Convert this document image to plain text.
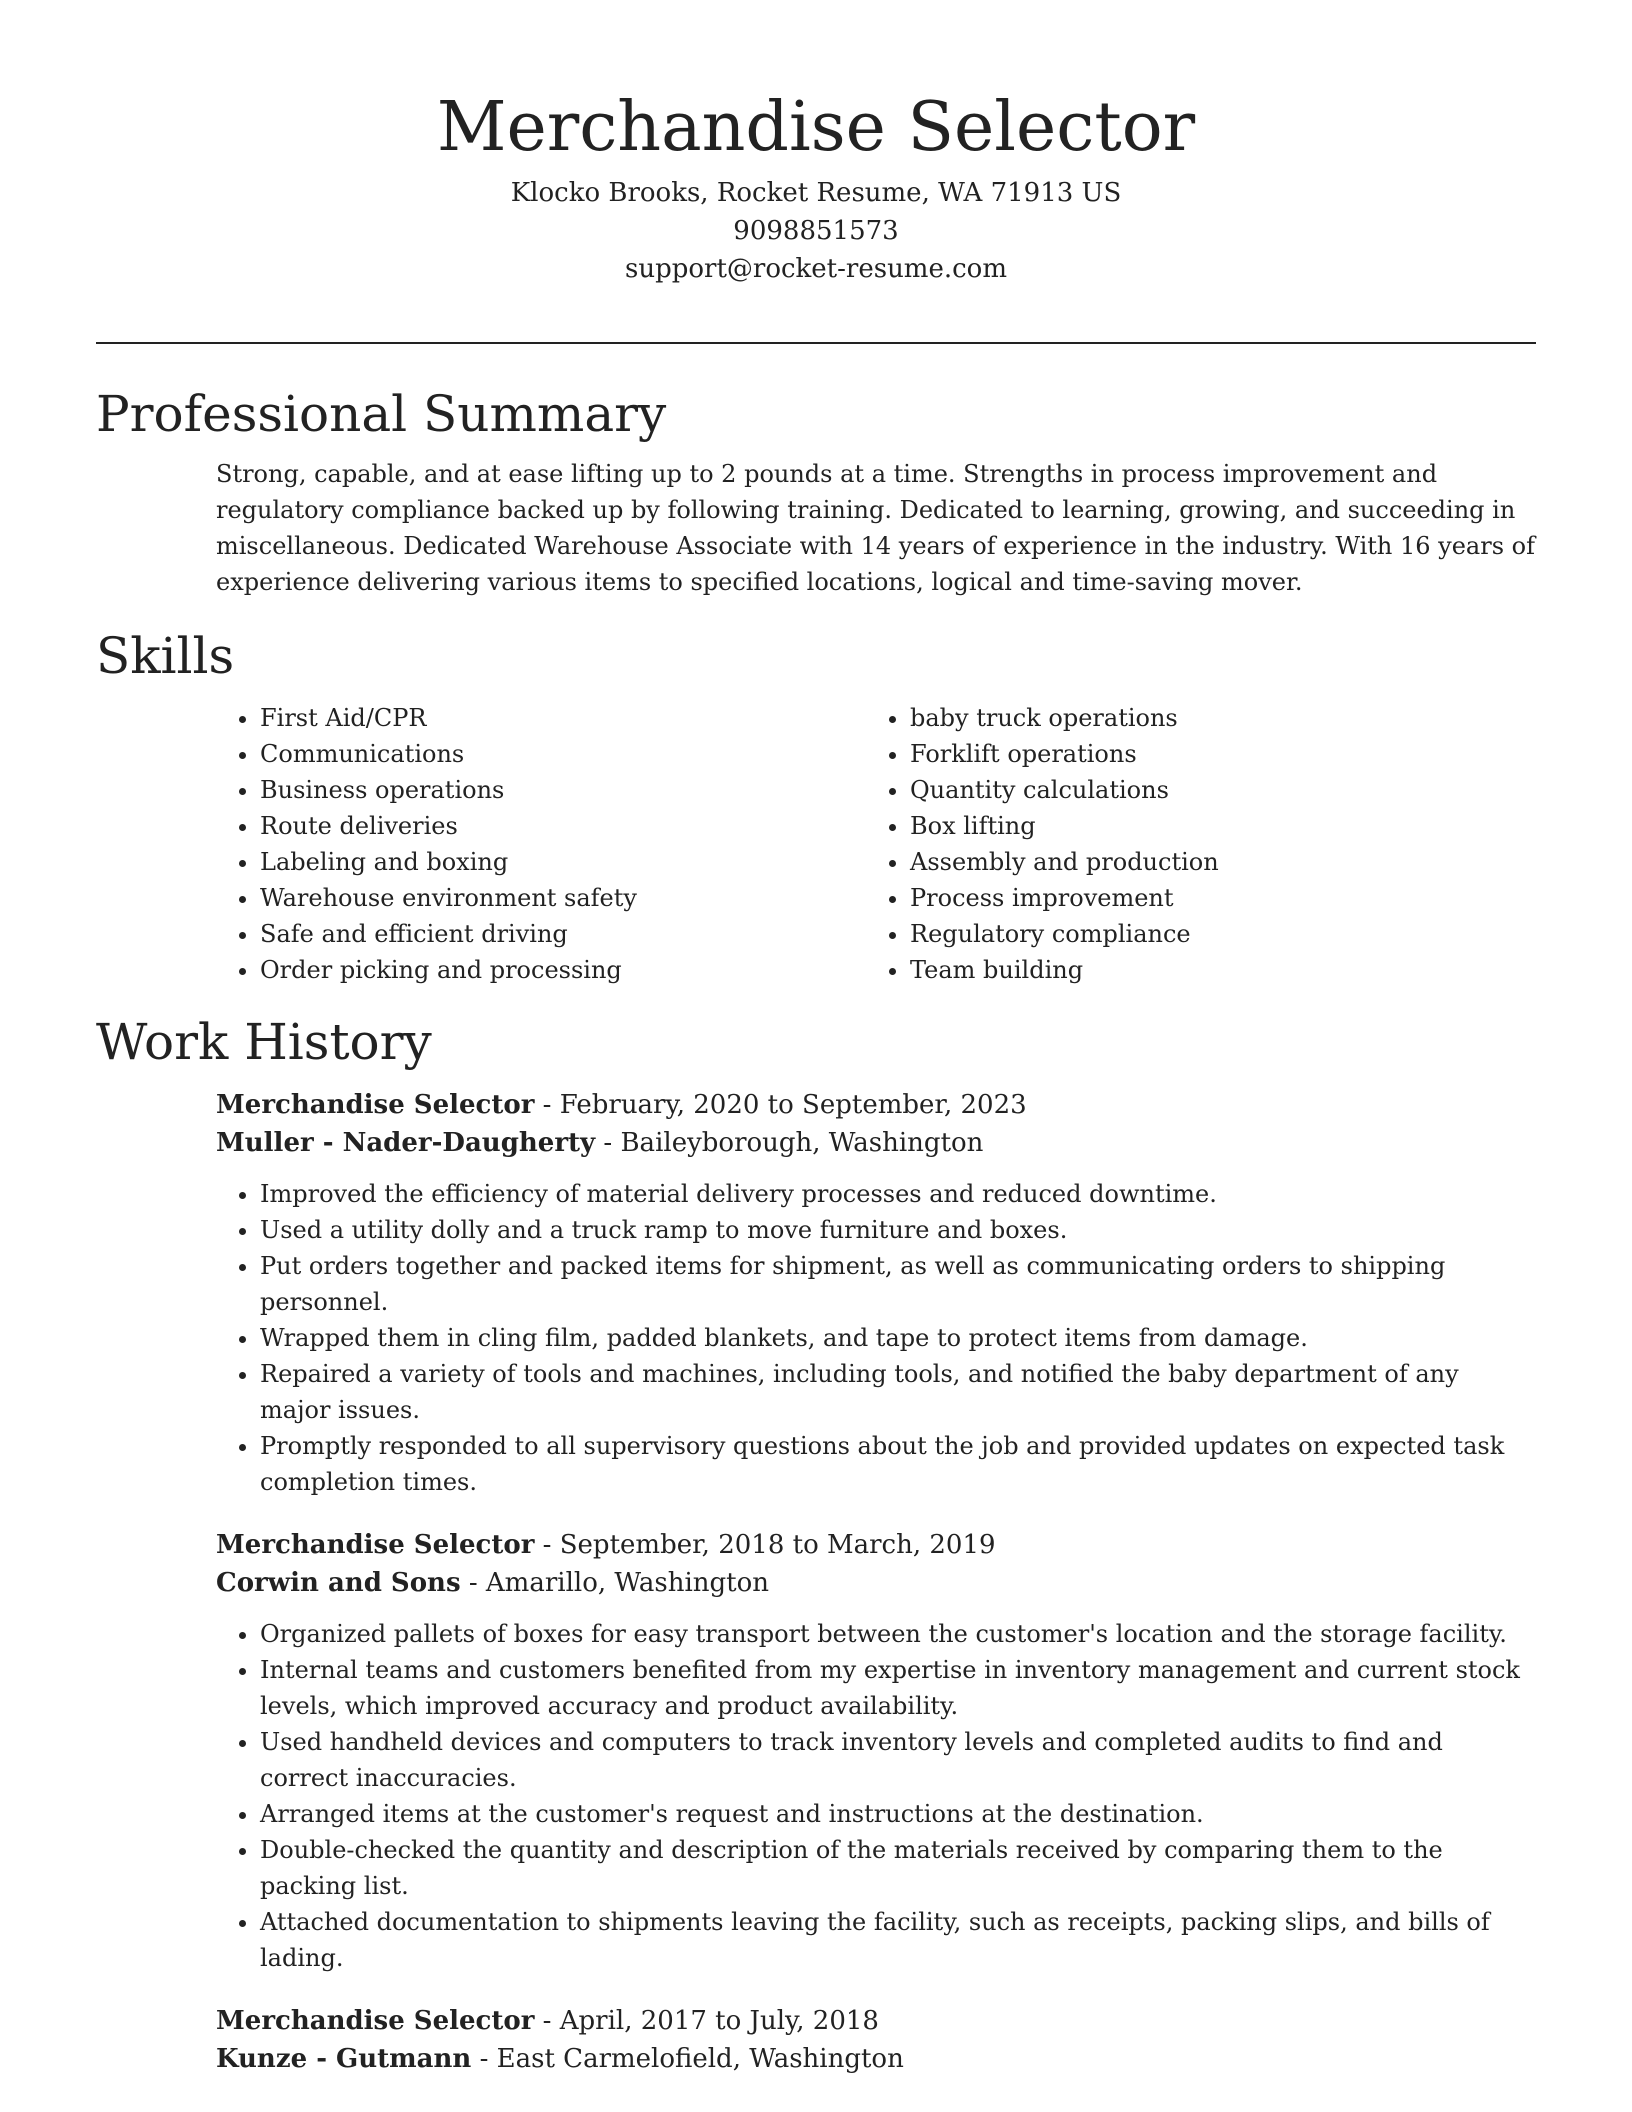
Merchandise Selector

Klocko Brooks, Rocket Resume, WA 71913 US
9098851573
support@rocket-resume.com

Professional Summary

Strong, capable, and at ease lifting up to 2 pounds at a time. Strengths in process improvement and regulatory compliance backed up by following training. Dedicated to learning, growing, and succeeding in miscellaneous. Dedicated Warehouse Associate with 14 years of experience in the industry. With 16 years of experience delivering various items to specified locations, logical and time-saving mover.

Skills
• First Aid/CPR
• Communications
• Business operations
• Route deliveries
• Labeling and boxing
• Warehouse environment safety
• Safe and efficient driving
• Order picking and processing
• baby truck operations
• Forklift operations
• Quantity calculations
• Box lifting
• Assembly and production
• Process improvement
• Regulatory compliance
• Team building
Work History

Merchandise Selector - February, 2020 to September, 2023

Muller - Nader-Daugherty - Baileyborough, Washington

• Improved the efficiency of material delivery processes and reduced downtime.
• Used a utility dolly and a truck ramp to move furniture and boxes.
• Put orders together and packed items for shipment, as well as communicating orders to shipping personnel.
• Wrapped them in cling film, padded blankets, and tape to protect items from damage.
• Repaired a variety of tools and machines, including tools, and notified the baby department of any major issues.
• Promptly responded to all supervisory questions about the job and provided updates on expected task completion times.

Merchandise Selector - September, 2018 to March, 2019

Corwin and Sons - Amarillo, Washington

• Organized pallets of boxes for easy transport between the customer's location and the storage facility.
• Internal teams and customers benefited from my expertise in inventory management and current stock levels, which improved accuracy and product availability.
• Used handheld devices and computers to track inventory levels and completed audits to find and correct inaccuracies.
• Arranged items at the customer's request and instructions at the destination.
• Double-checked the quantity and description of the materials received by comparing them to the packing list.
• Attached documentation to shipments leaving the facility, such as receipts, packing slips, and bills of lading.

Merchandise Selector - April, 2017 to July, 2018

Kunze - Gutmann - East Carmelofield, Washington
